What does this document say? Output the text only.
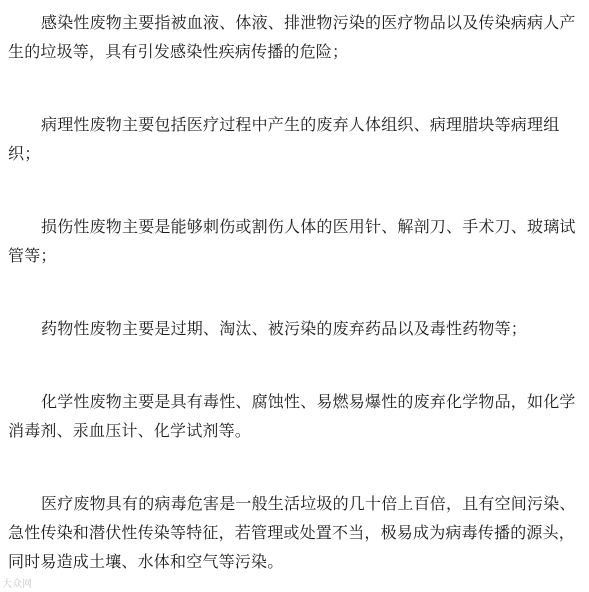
感染性废物主要指被血液、体液、排泄物污染的医疗物品以及传染病病人产生的垃圾等，具有引发感染性疾病传播的危险；

病理性废物主要包括医疗过程中产生的废弃人体组织、病理腊块等病理组织；

损伤性废物主要是能够刺伤或割伤人体的医用针、解剖刀、手术刀、玻璃试管等；

药物性废物主要是过期、淘汰、被污染的废弃药品以及毒性药物等；

化学性废物主要是具有毒性、腐蚀性、易燃易爆性的废弃化学物品，如化学消毒剂、汞血压计、化学试剂等。

医疗废物具有的病毒危害是一般生活垃圾的几十倍上百倍，且有空间污染、急性传染和潜伏性传染等特征，若管理或处置不当，极易成为病毒传播的源头，同时易造成土壤、水体和空气等污染。

大众网
